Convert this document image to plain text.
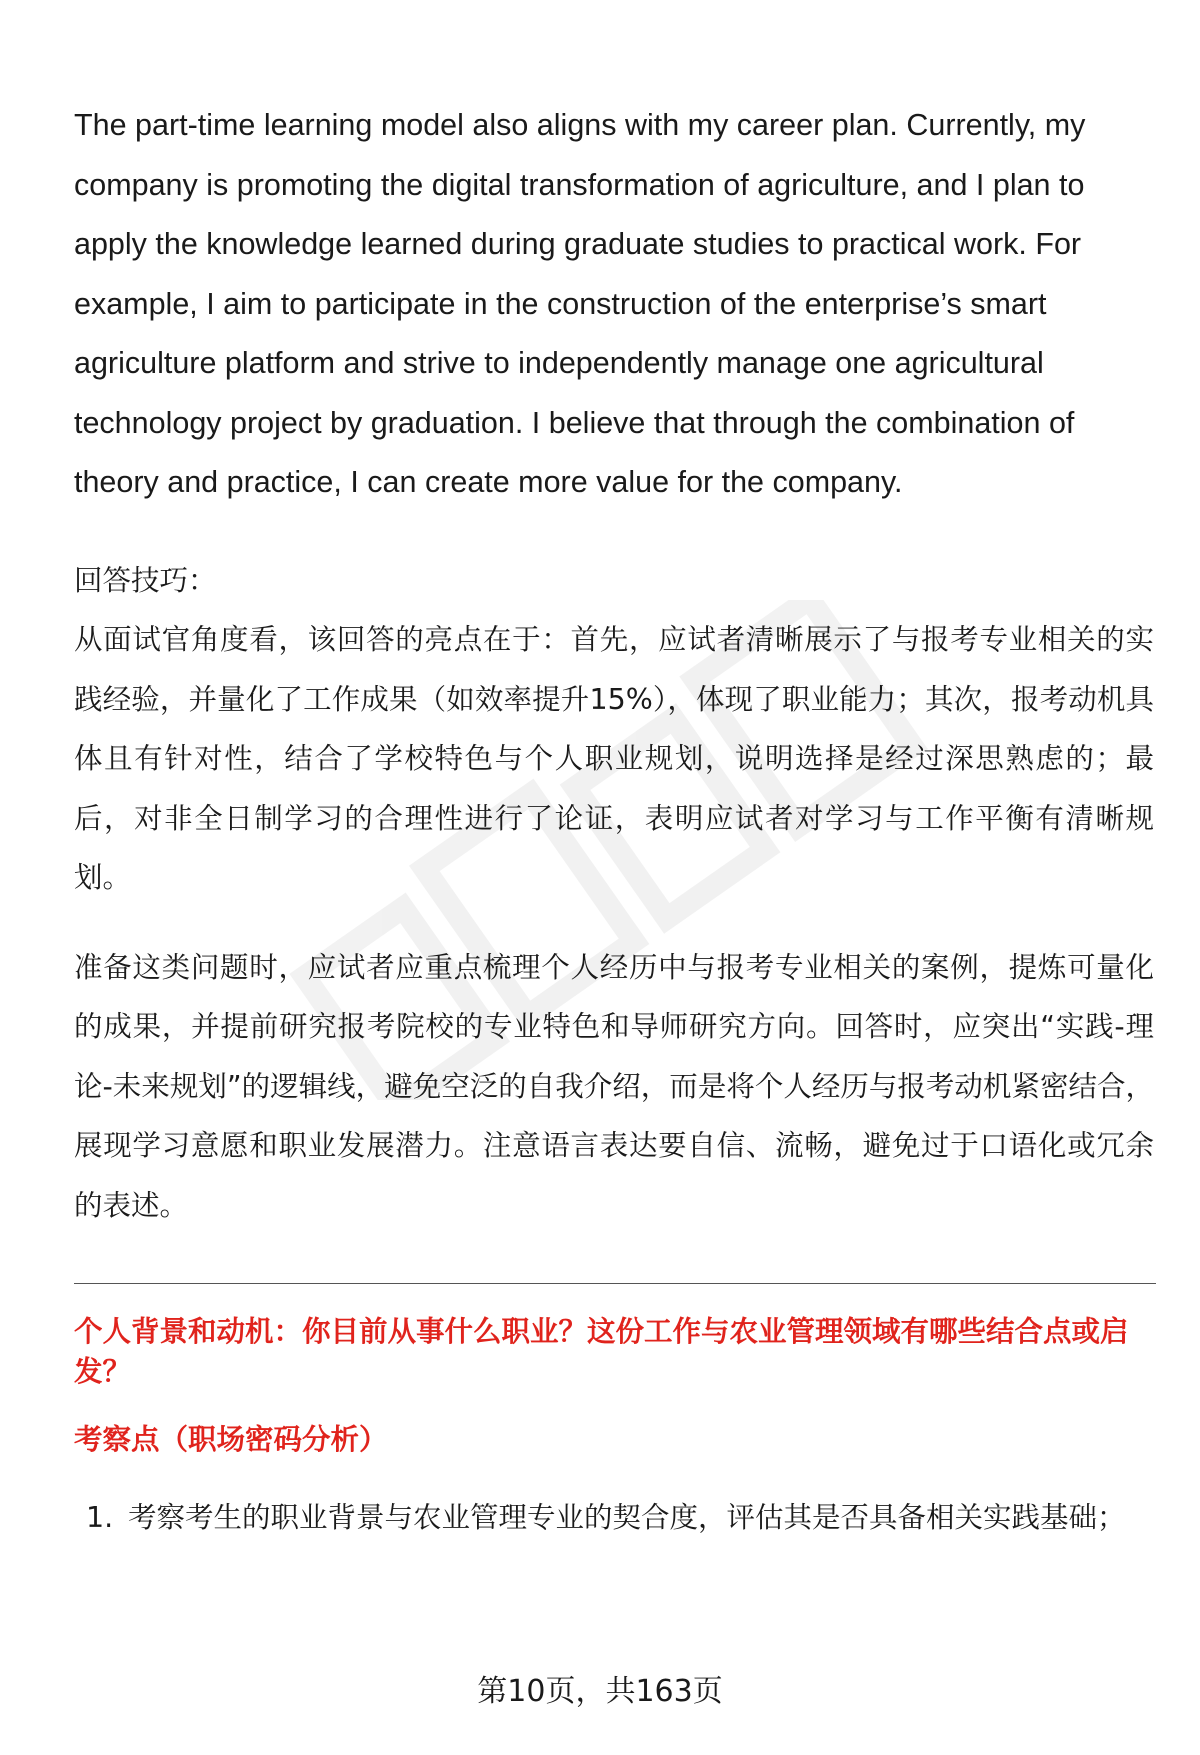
The part-time learning model also aligns with my career plan. Currently, my company is promoting the digital transformation of agriculture, and I plan to apply the knowledge learned during graduate studies to practical work. For example, I aim to participate in the construction of the enterprise’s smart agriculture platform and strive to independently manage one agricultural technology project by graduation. I believe that through the combination of theory and practice, I can create more value for the company.

回答技巧：

从面试官角度看，该回答的亮点在于：首先，应试者清晰展示了与报考专业相关的实践经验，并量化了工作成果（如效率提升15%），体现了职业能力；其次，报考动机具体且有针对性，结合了学校特色与个人职业规划，说明选择是经过深思熟虑的；最后，对非全日制学习的合理性进行了论证，表明应试者对学习与工作平衡有清晰规划。

准备这类问题时，应试者应重点梳理个人经历中与报考专业相关的案例，提炼可量化的成果，并提前研究报考院校的专业特色和导师研究方向。回答时，应突出“实践-理论-未来规划”的逻辑线，避免空泛的自我介绍，而是将个人经历与报考动机紧密结合，展现学习意愿和职业发展潜力。注意语言表达要自信、流畅，避免过于口语化或冗余的表述。

个人背景和动机：你目前从事什么职业？这份工作与农业管理领域有哪些结合点或启发？
考察点（职场密码分析）
1. 考察考生的职业背景与农业管理专业的契合度，评估其是否具备相关实践基础；
第10页，共163页
